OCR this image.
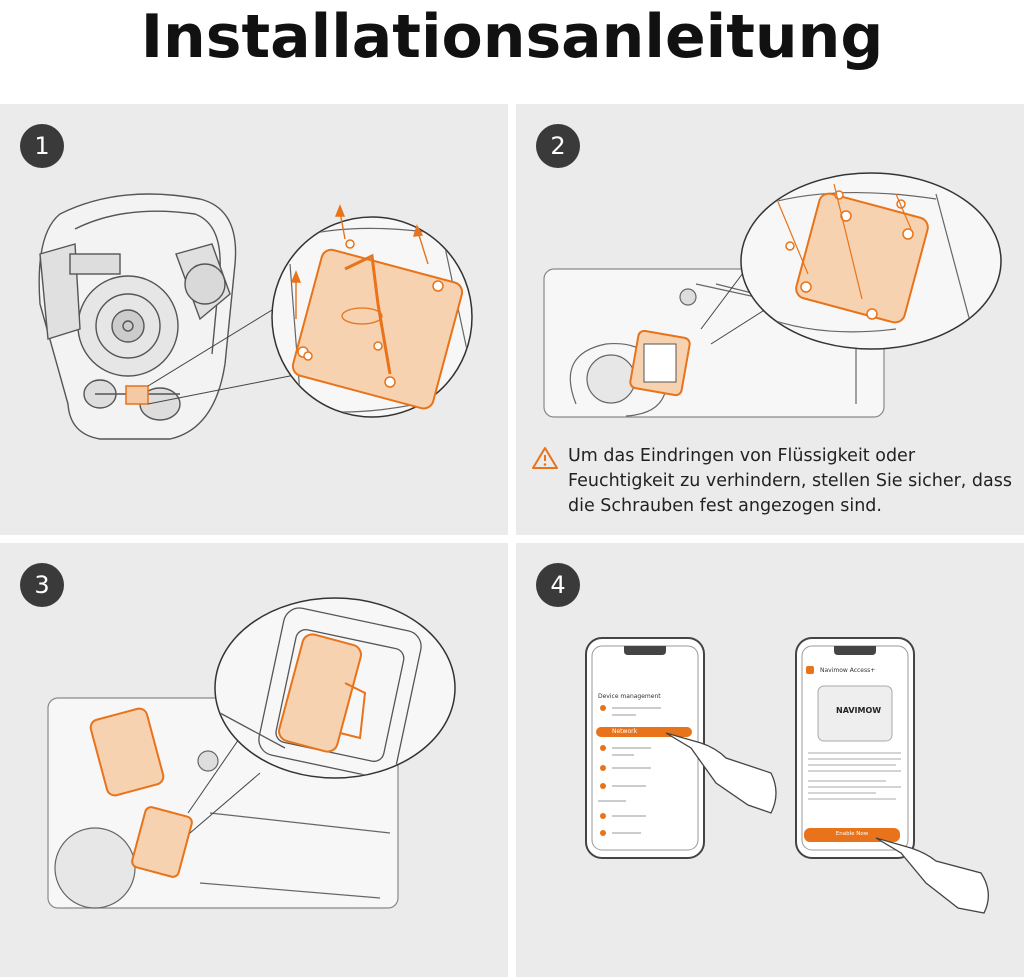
Installationsanleitung
1	2
Um das Eindringen von Flüssigkeit oder Feuchtigkeit zu verhindern, stellen Sie sicher, dass die Schrauben fest angezogen sind.
3	4
Device management
Network
Navimow Access+
NAVIMOW
Enable Now
